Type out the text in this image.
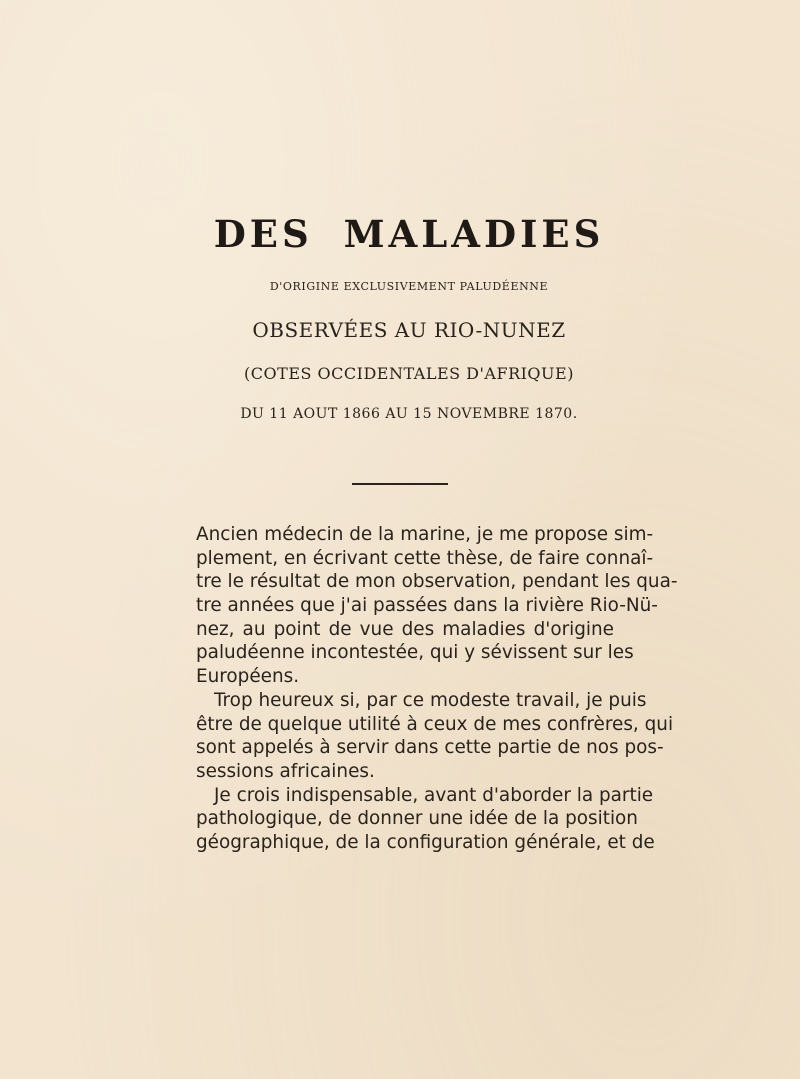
DES MALADIES
D'ORIGINE EXCLUSIVEMENT PALUDÉENNE
OBSERVÉES AU RIO-NUNEZ
(COTES OCCIDENTALES D'AFRIQUE)
DU 11 AOUT 1866 AU 15 NOVEMBRE 1870.
Ancien médecin de la marine, je me propose sim-
plement, en écrivant cette thèse, de faire connaî-
tre le résultat de mon observation, pendant les qua-
tre années que j'ai passées dans la rivière Rio-Nü-
nez, au point de vue des maladies d'origine
paludéenne incontestée, qui y sévissent sur les
Européens.
Trop heureux si, par ce modeste travail, je puis
être de quelque utilité à ceux de mes confrères, qui
sont appelés à servir dans cette partie de nos pos-
sessions africaines.
Je crois indispensable, avant d'aborder la partie
pathologique, de donner une idée de la position
géographique, de la configuration générale, et de
